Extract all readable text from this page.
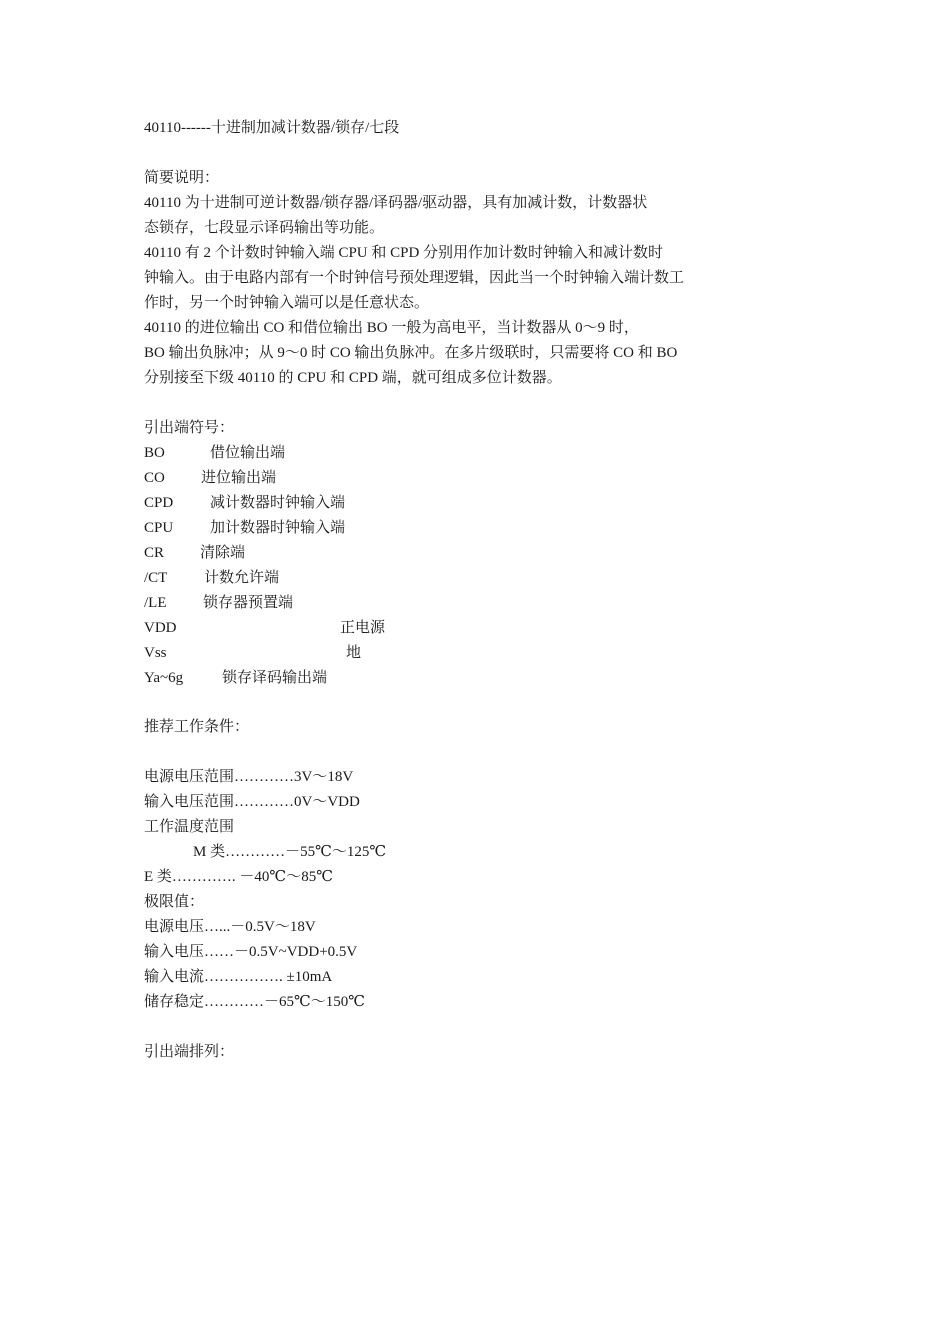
40110------十进制加减计数器/锁存/七段
简要说明：
40110 为十进制可逆计数器/锁存器/译码器/驱动器，具有加减计数，计数器状
态锁存，七段显示译码输出等功能。
40110 有 2 个计数时钟输入端 CPU 和 CPD 分别用作加计数时钟输入和减计数时
钟输入。由于电路内部有一个时钟信号预处理逻辑，因此当一个时钟输入端计数工
作时，另一个时钟输入端可以是任意状态。
40110 的进位输出 CO 和借位输出 BO 一般为高电平，当计数器从 0～9 时，
BO 输出负脉冲；从 9～0 时 CO 输出负脉冲。在多片级联时，只需要将 CO 和 BO
分别接至下级 40110 的 CPU 和 CPD 端，就可组成多位计数器。
引出端符号：
BO	借位输出端
CO 进位输出端
CPD 减计数器时钟输入端
CPU 加计数器时钟输入端
CR 清除端
/CT 计数允许端
/LE 锁存器预置端
VDD	正电源
Vss	地
Ya~6g	锁存译码输出端
推荐工作条件：
电源电压范围…………3V～18V
输入电压范围…………0V～VDD
工作温度范围
M 类…………－55℃～125℃
E 类…………. －40℃～85℃
极限值：
电源电压…...－0.5V～18V
输入电压……－0.5V~VDD+0.5V
输入电流……………. ±10mA
储存稳定…………－65℃～150℃
引出端排列：
